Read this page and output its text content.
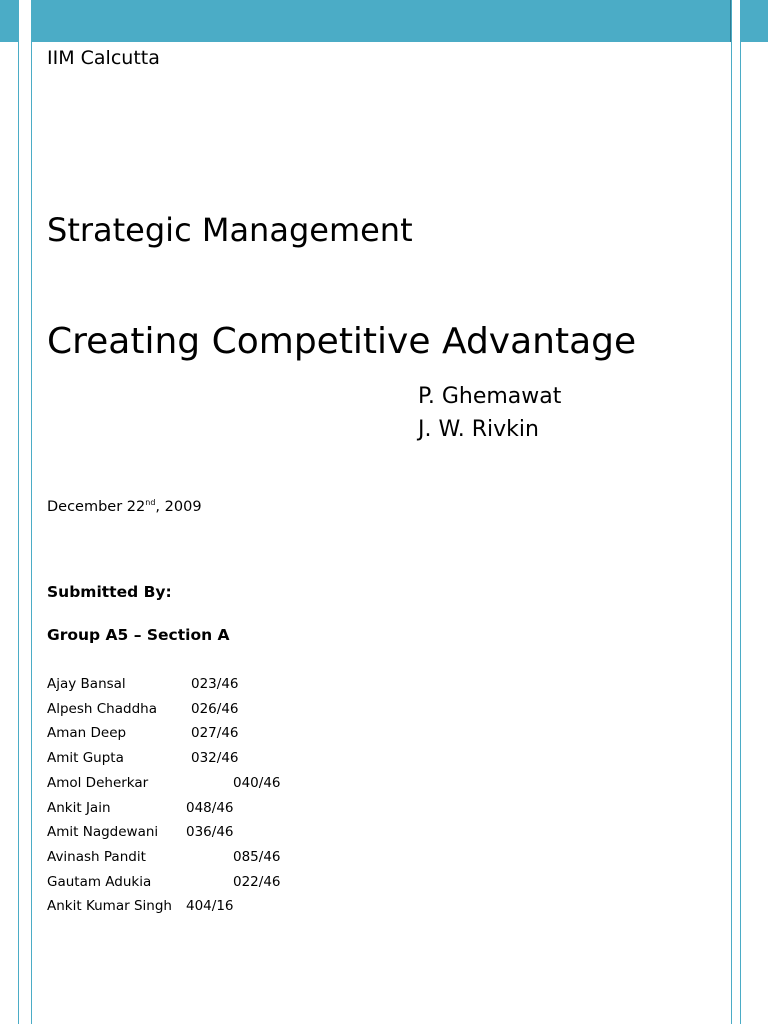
IIM Calcutta
Strategic Management
Creating Competitive Advantage
P. Ghemawat
J. W. Rivkin
December 22nd, 2009
Submitted By:
Group A5 – Section A
Ajay Bansal	023/46
Alpesh Chaddha	026/46
Aman Deep	027/46
Amit Gupta	032/46
Amol Deherkar	040/46
Ankit Jain	048/46
Amit Nagdewani 036/46
Avinash Pandit	085/46
Gautam Adukia	022/46
Ankit Kumar Singh 404/16
